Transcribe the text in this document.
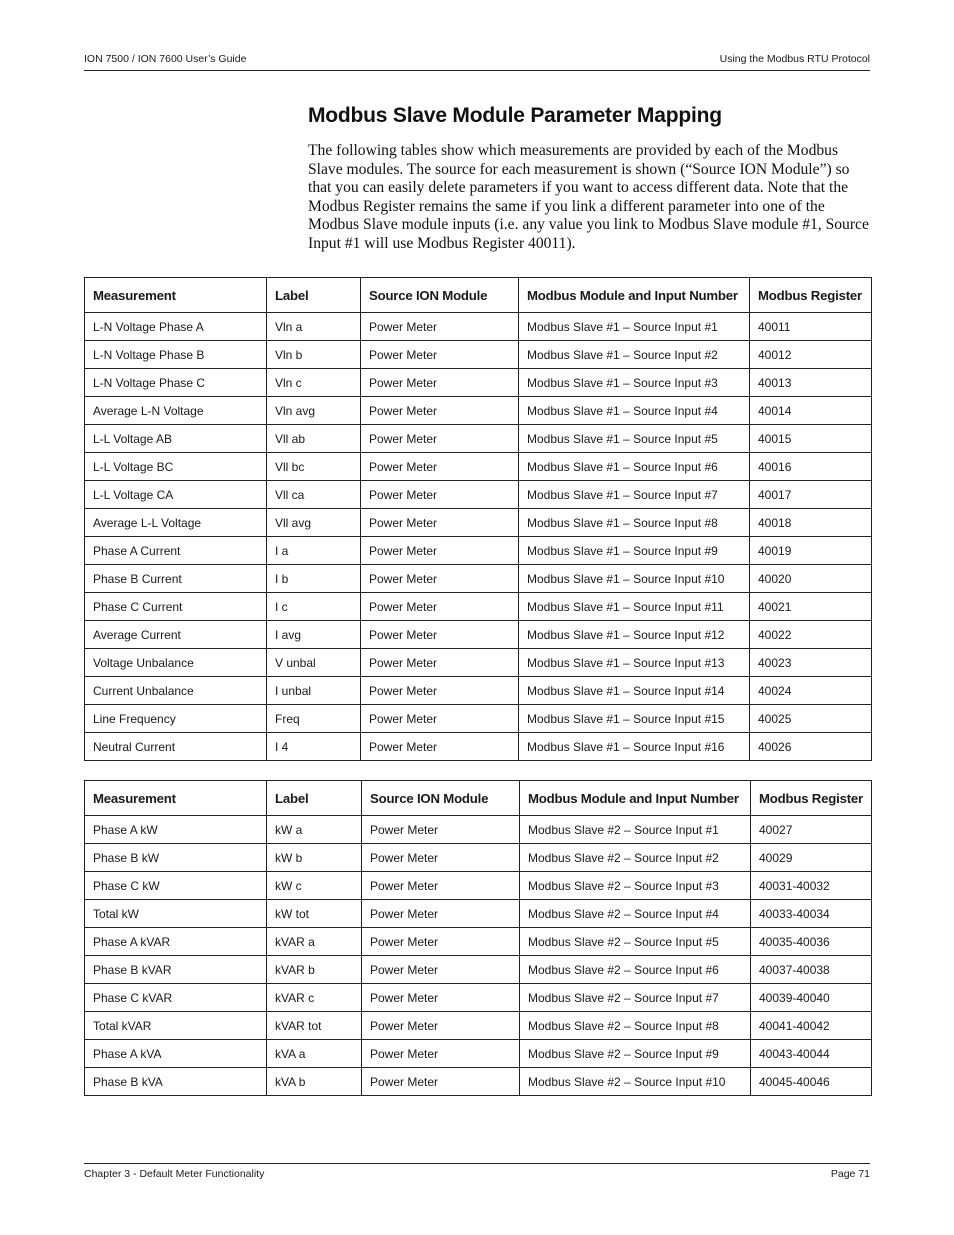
ION 7500 / ION 7600 User’s Guide	Using the Modbus RTU Protocol
Modbus Slave Module Parameter Mapping

The following tables show which measurements are provided by each of the Modbus Slave modules. The source for each measurement is shown (“Source ION Module”) so that you can easily delete parameters if you want to access different data. Note that the Modbus Register remains the same if you link a different parameter into one of the Modbus Slave module inputs (i.e. any value you link to Modbus Slave module #1, Source Input #1 will use Modbus Register 40011).

Measurement	Label	Source ION Module	Modbus Module and Input Number	Modbus Register
L-N Voltage Phase A	Vln a	Power Meter	Modbus Slave #1 – Source Input #1	40011
L-N Voltage Phase B	Vln b	Power Meter	Modbus Slave #1 – Source Input #2	40012
L-N Voltage Phase C	Vln c	Power Meter	Modbus Slave #1 – Source Input #3	40013
Average L-N Voltage	Vln avg	Power Meter	Modbus Slave #1 – Source Input #4	40014
L-L Voltage AB	Vll ab	Power Meter	Modbus Slave #1 – Source Input #5	40015
L-L Voltage BC	Vll bc	Power Meter	Modbus Slave #1 – Source Input #6	40016
L-L Voltage CA	Vll ca	Power Meter	Modbus Slave #1 – Source Input #7	40017
Average L-L Voltage	Vll avg	Power Meter	Modbus Slave #1 – Source Input #8	40018
Phase A Current	I a	Power Meter	Modbus Slave #1 – Source Input #9	40019
Phase B Current	I b	Power Meter	Modbus Slave #1 – Source Input #10	40020
Phase C Current	I c	Power Meter	Modbus Slave #1 – Source Input #11	40021
Average Current	I avg	Power Meter	Modbus Slave #1 – Source Input #12	40022
Voltage Unbalance	V unbal	Power Meter	Modbus Slave #1 – Source Input #13	40023
Current Unbalance	I unbal	Power Meter	Modbus Slave #1 – Source Input #14	40024
Line Frequency	Freq	Power Meter	Modbus Slave #1 – Source Input #15	40025
Neutral Current	I 4	Power Meter	Modbus Slave #1 – Source Input #16	40026
Measurement	Label	Source ION Module	Modbus Module and Input Number	Modbus Register
Phase A kW	kW a	Power Meter	Modbus Slave #2 – Source Input #1	40027
Phase B kW	kW b	Power Meter	Modbus Slave #2 – Source Input #2	40029
Phase C kW	kW c	Power Meter	Modbus Slave #2 – Source Input #3	40031-40032
Total kW	kW tot	Power Meter	Modbus Slave #2 – Source Input #4	40033-40034
Phase A kVAR	kVAR a	Power Meter	Modbus Slave #2 – Source Input #5	40035-40036
Phase B kVAR	kVAR b	Power Meter	Modbus Slave #2 – Source Input #6	40037-40038
Phase C kVAR	kVAR c	Power Meter	Modbus Slave #2 – Source Input #7	40039-40040
Total kVAR	kVAR tot	Power Meter	Modbus Slave #2 – Source Input #8	40041-40042
Phase A kVA	kVA a	Power Meter	Modbus Slave #2 – Source Input #9	40043-40044
Phase B kVA	kVA b	Power Meter	Modbus Slave #2 – Source Input #10	40045-40046
Chapter 3 - Default Meter Functionality	Page 71
